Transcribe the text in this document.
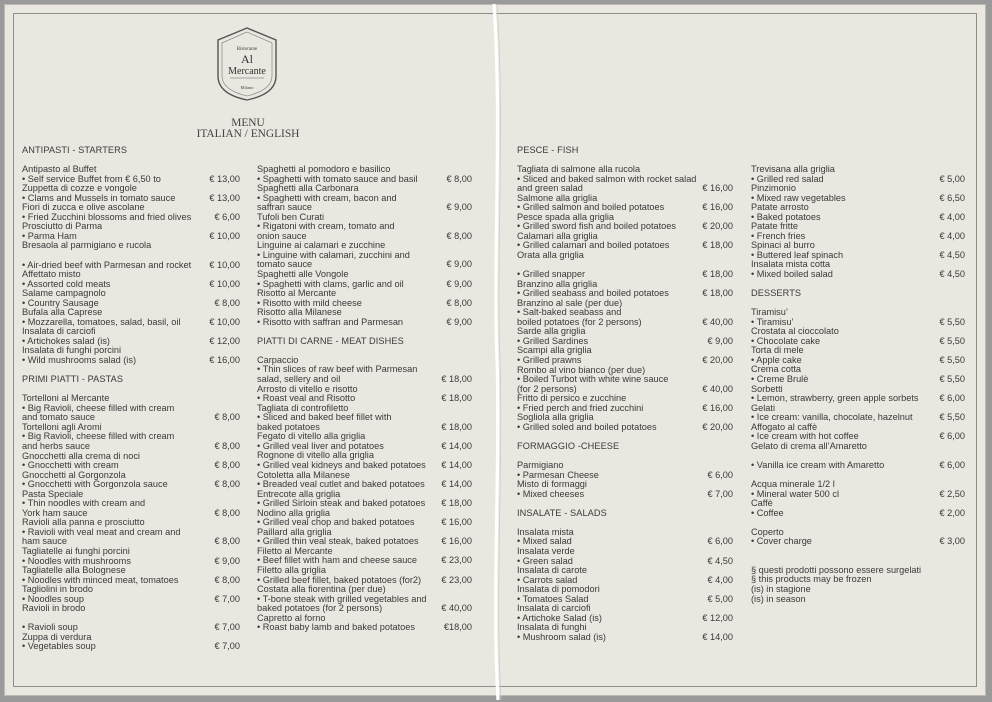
Ristorante
Al
Mercante
Milano
MENU
ITALIAN / ENGLISH
ANTIPASTI - STARTERS
Antipasto al Buffet
• Self service Buffet from € 6,50 to	€ 13,00
Zuppetta di cozze e vongole
• Clams and Mussels in tomato sauce	€ 13,00
Fiori di zucca e olive ascolane
• Fried Zucchini blossoms and fried olives	€ 6,00
Prosciutto di Parma
• Parma Ham	€ 10,00
Bresaola al parmigiano e rucola

• Air-dried beef with Parmesan and rocket € 10,00
Affettato misto
• Assorted cold meats	€ 10,00
Salame campagnolo
• Country Sausage	€ 8,00
Bufala alla Caprese
• Mozzarella, tomatoes, salad, basil, oil	€ 10,00
Insalata di carciofi
• Artichokes salad (is)	€ 12,00
Insalata di funghi porcini
• Wild mushrooms salad (is)	€ 16,00
PRIMI PIATTI - PASTAS
Tortelloni al Mercante
• Big Ravioli, cheese filled with cream
and tomato sauce	€ 8,00
Tortelloni agli Aromi
• Big Ravioli, cheese filled with cream
and herbs sauce	€ 8,00
Gnocchetti alla crema di noci
• Gnocchetti with cream	€ 8,00
Gnocchetti al Gorgonzola
• Gnocchetti with Gorgonzola sauce	€ 8,00
Pasta Speciale
• Thin noodles with cream and
York ham sauce	€ 8,00
Ravioli alla panna e prosciutto
• Ravioli with veal meat and cream and
ham sauce	€ 8,00
Tagliatelle ai funghi porcini
• Noodles with mushrooms	€ 9,00
Tagliatelle alla Bolognese
• Noodles with minced meat, tomatoes	€ 8,00
Tagliolini in brodo
• Noodles soup	€ 7,00
Ravioli in brodo

• Ravioli soup	€ 7,00
Zuppa di verdura
• Vegetables soup	€ 7,00
Spaghetti al pomodoro e basilico
• Spaghetti with tomato sauce and basil	€ 8,00
Spaghetti alla Carbonara
• Spaghetti with cream, bacon and
saffran sauce	€ 9,00
Tufoli ben Curati
• Rigatoni with cream, tomato and
onion sauce	€ 8,00
Linguine ai calamari e zucchine
• Linguine with calamari, zucchini and
tomato sauce	€ 9,00
Spaghetti alle Vongole
• Spaghetti with clams, garlic and oil	€ 9,00
Risotto al Mercante
• Risotto with mild cheese	€ 8,00
Risotto alla Milanese
• Risotto with saffran and Parmesan	€ 9,00
PIATTI DI CARNE - MEAT DISHES
Carpaccio
• Thin slices of raw beef with Parmesan
salad, sellery and oil	€ 18,00
Arrosto di vitello e risotto
• Roast veal and Risotto	€ 18,00
Tagliata di controfiletto
• Sliced and baked beef fillet with
baked potatoes	€ 18,00
Fegato di vitello alla griglia
• Grilled veal liver and potatoes	€ 14,00
Rognone di vitello alla griglia
• Grilled veal kidneys and baked potatoes € 14,00
Cotoletta alla Milanese
• Breaded veal cutlet and baked potatoes € 14,00
Entrecote alla griglia
• Grilled Sirloin steak and baked potatoes € 18,00
Nodino alla griglia
• Grilled veal chop and baked potatoes	€ 16,00
Paillard alla griglia
• Grilled thin veal steak, baked potatoes € 16,00
Filetto al Mercante
• Beef fillet with ham and cheese sauce	€ 23,00
Filetto alla griglia
• Grilled beef fillet, baked potatoes (for2) € 23,00
Costata alla fiorentina (per due)
• T-bone steak with grilled vegetables and
baked potatoes (for 2 persons)	€ 40,00
Capretto al forno
• Roast baby lamb and baked potatoes	€18,00
PESCE - FISH
Tagliata di salmone alla rucola
• Sliced and baked salmon with rocket salad
and green salad	€ 16,00
Salmone alla griglia
• Grilled salmon and boiled potatoes	€ 16,00
Pesce spada alla griglia
• Grilled sword fish and boiled potatoes	€ 20,00
Calamari alla griglia
• Grilled calamari and boiled potatoes	€ 18,00
Orata alla griglia

• Grilled snapper	€ 18,00
Branzino alla griglia
• Grilled seabass and boiled potatoes	€ 18,00
Branzino al sale (per due)
• Salt-baked seabass and
boiled potatoes (for 2 persons)	€ 40,00
Sarde alla griglia
• Grilled Sardines	€ 9,00
Scampi alla griglia
• Grilled prawns	€ 20,00
Rombo al vino bianco (per due)
• Boiled Turbot with white wine sauce
(for 2 persons)	€ 40,00
Fritto di persico e zucchine
• Fried perch and fried zucchini	€ 16,00
Sogliola alla griglia
• Grilled soled and boiled potatoes	€ 20,00
FORMAGGIO -CHEESE
Parmigiano
• Parmesan Cheese	€ 6,00
Misto di formaggi
• Mixed cheeses	€ 7,00
INSALATE - SALADS
Insalata mista
• Mixed salad	€ 6,00
Insalata verde
• Green salad	€ 4,50
Insalata di carote
• Carrots salad	€ 4,00
Insalata di pomodori
• Tomatoes Salad	€ 5,00
Insalata di carciofi
• Artichoke Salad (is)	€ 12,00
Insalata di funghi
• Mushroom salad (is)	€ 14,00
Trevisana alla griglia
• Grilled red salad	€ 5,00
Pinzimonio
• Mixed raw vegetables	€ 6,50
Patate arrosto
• Baked potatoes	€ 4,00
Patate fritte
• French fries	€ 4,00
Spinaci al burro
• Buttered leaf spinach	€ 4,50
Insalata mista cotta
• Mixed boiled salad	€ 4,50
DESSERTS
Tiramisu’
• Tiramisu’	€ 5,50
Crostata al cioccolato
• Chocolate cake	€ 5,50
Torta di mele
• Apple cake	€ 5,50
Crema cotta
• Creme Brulè	€ 5,50
Sorbetti
• Lemon, strawberry, green apple sorbets € 6,00
Gelati
• Ice cream: vanilla, chocolate, hazelnut	€ 5,50
Affogato al caffè
• Ice cream with hot coffee	€ 6,00
Gelato di crema all’Amaretto

• Vanilla ice cream with Amaretto	€ 6,00
Acqua minerale 1/2 l
• Mineral water 500 cl	€ 2,50
Caffè
• Coffee	€ 2,00
Coperto
• Cover charge	€ 3,00
§ questi prodotti possono essere surgelati
§ this products may be frozen
(is) in stagione
(is) in season
